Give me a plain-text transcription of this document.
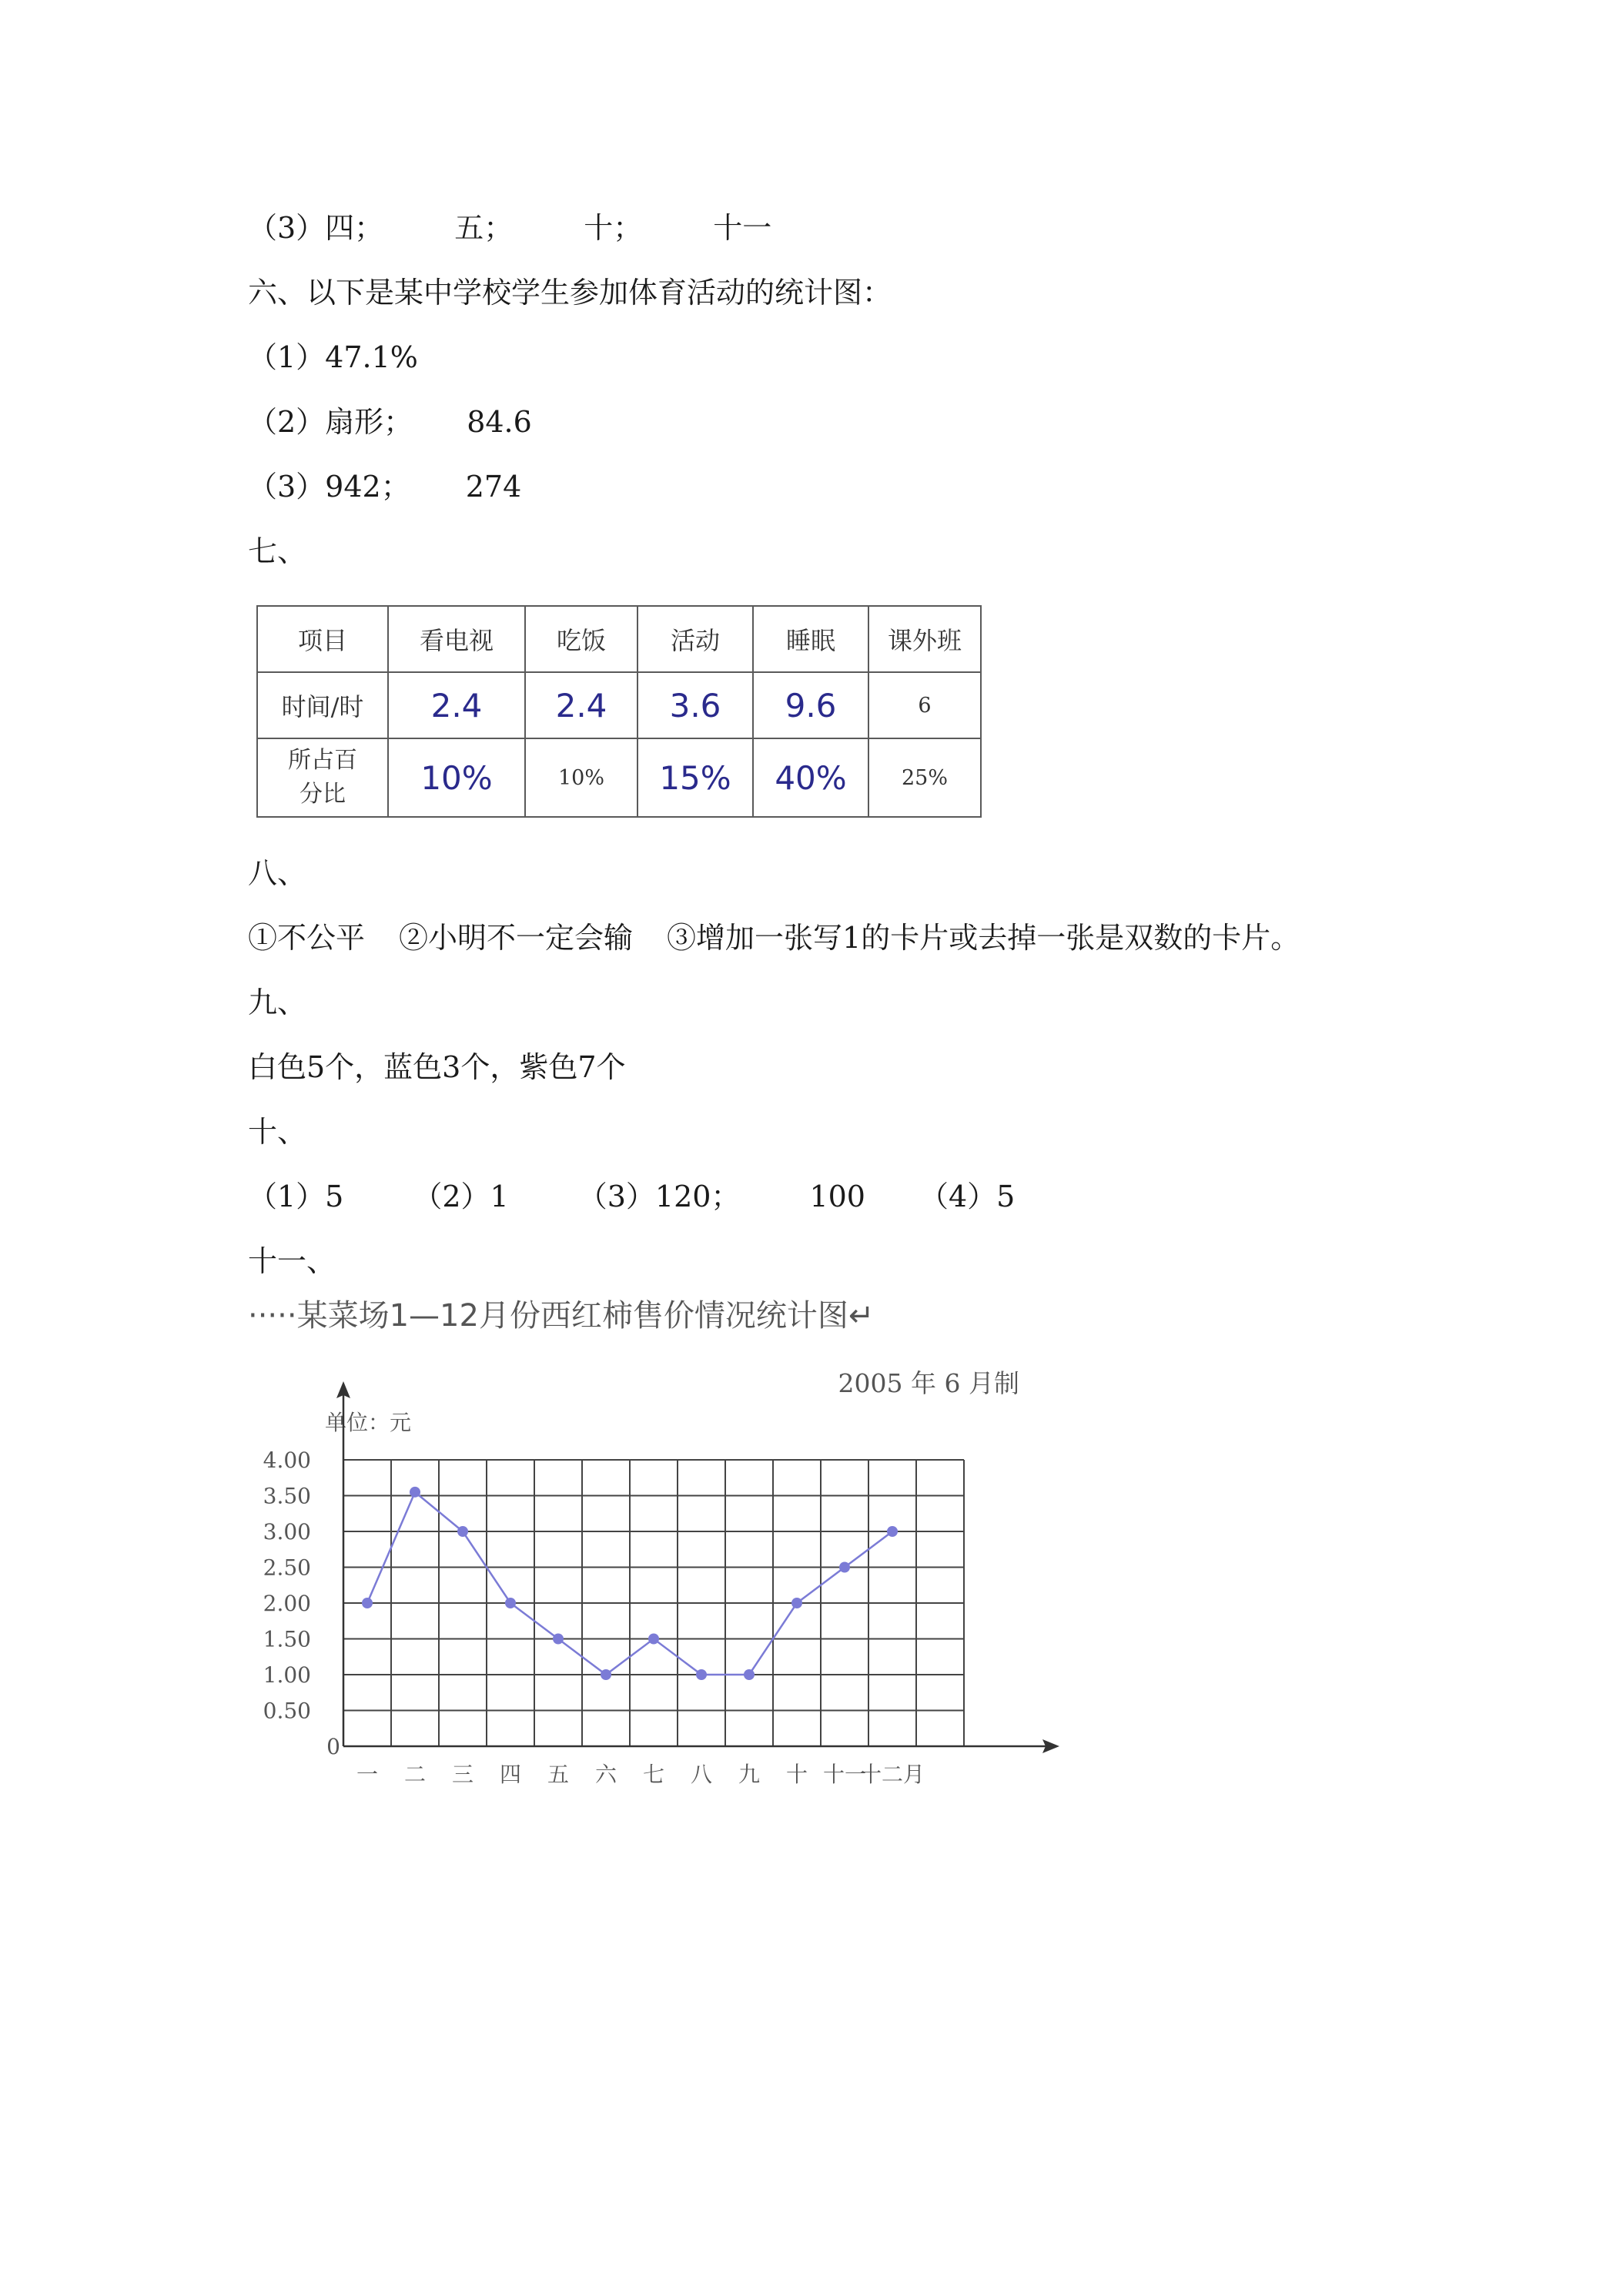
（3）四； 五； 十； 十一
六、以下是某中学校学生参加体育活动的统计图：
（1）47.1%
（2）扇形； 84.6
（3）942； 274
七、
项目	看电视	吃饭	活动	睡眠	课外班
时间/时	2.4	2.4	3.6	9.6	6

所占百
分比	10%	10%	15%	40%	25%
八、
①不公平 ②小明不一定会输 ③增加一张写1的卡片或去掉一张是双数的卡片。
九、
白色5个，蓝色3个，紫色7个
十、
（1）5 （2）1 （3）120； 100 （4）5
十一、
·····某菜场1—12月份西红柿售价情况统计图↵
2005 年 6 月制
单位：元
4.00
3.50
3.00
2.50
2.00
1.50
1.00
0.50
0
一 二 三 四 五 六 七 八 九 十 十一
十二月
